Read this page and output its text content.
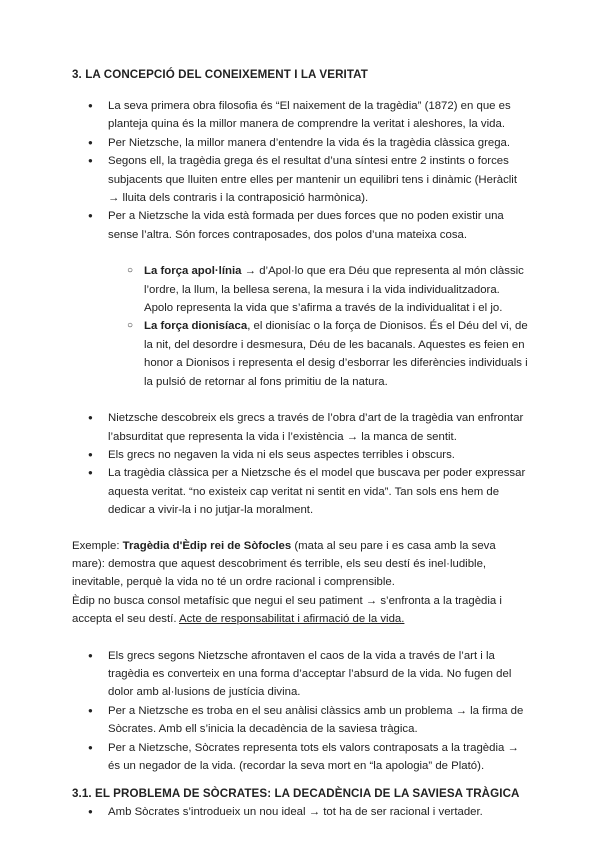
3. LA CONCEPCIÓ DEL CONEIXEMENT I LA VERITAT
● La seva primera obra filosofia és “El naixement de la tragèdia” (1872) en que es planteja quina és la millor manera de comprendre la veritat i aleshores, la vida.
● Per Nietzsche, la millor manera d’entendre la vida és la tragèdia clàssica grega.
● Segons ell, la tragèdia grega és el resultat d’una síntesi entre 2 instints o forces subjacents que lluiten entre elles per mantenir un equilibri tens i dinàmic (Heràclit → lluita dels contraris i la contraposició harmònica).
● Per a Nietzsche la vida està formada per dues forces que no poden existir una sense l’altra. Són forces contraposades, dos polos d’una mateixa cosa.
○ La força apol·línia → d’Apol·lo que era Déu que representa al món clàssic l’ordre, la llum, la bellesa serena, la mesura i la vida individualitzadora. Apolo representa la vida que s’afirma a través de la individualitat i el jo.
○ La força dionisíaca, el dionisíac o la força de Dionisos. És el Déu del vi, de la nit, del desordre i desmesura, Déu de les bacanals. Aquestes es feien en honor a Dionisos i representa el desig d’esborrar les diferències individuals i la pulsió de retornar al fons primitiu de la natura.
● Nietzsche descobreix els grecs a través de l’obra d’art de la tragèdia van enfrontar l’absurditat que representa la vida i l’existència → la manca de sentit.
● Els grecs no negaven la vida ni els seus aspectes terribles i obscurs.
● La tragèdia clàssica per a Nietzsche és el model que buscava per poder expressar aquesta veritat. “no existeix cap veritat ni sentit en vida”. Tan sols ens hem de dedicar a vivir-la i no jutjar-la moralment.

Exemple: Tragèdia d'Èdip rei de Sòfocles (mata al seu pare i es casa amb la seva mare): demostra que aquest descobriment és terrible, els seu destí és inel·ludible, inevitable, perquè la vida no té un ordre racional i comprensible.
Èdip no busca consol metafísic que negui el seu patiment → s’enfronta a la tragèdia i accepta el seu destí. Acte de responsabilitat i afirmació de la vida.

● Els grecs segons Nietzsche afrontaven el caos de la vida a través de l’art i la tragèdia es converteix en una forma d’acceptar l’absurd de la vida. No fugen del dolor amb al·lusions de justícia divina.
● Per a Nietzsche es troba en el seu anàlisi clàssics amb un problema → la firma de Sòcrates. Amb ell s’inicia la decadència de la saviesa tràgica.
● Per a Nietzsche, Sòcrates representa tots els valors contraposats a la tragèdia → és un negador de la vida. (recordar la seva mort en “la apologia” de Plató).
3.1. EL PROBLEMA DE SÒCRATES: LA DECADÈNCIA DE LA SAVIESA TRÀGICA
● Amb Sòcrates s’introdueix un nou ideal → tot ha de ser racional i vertader.
